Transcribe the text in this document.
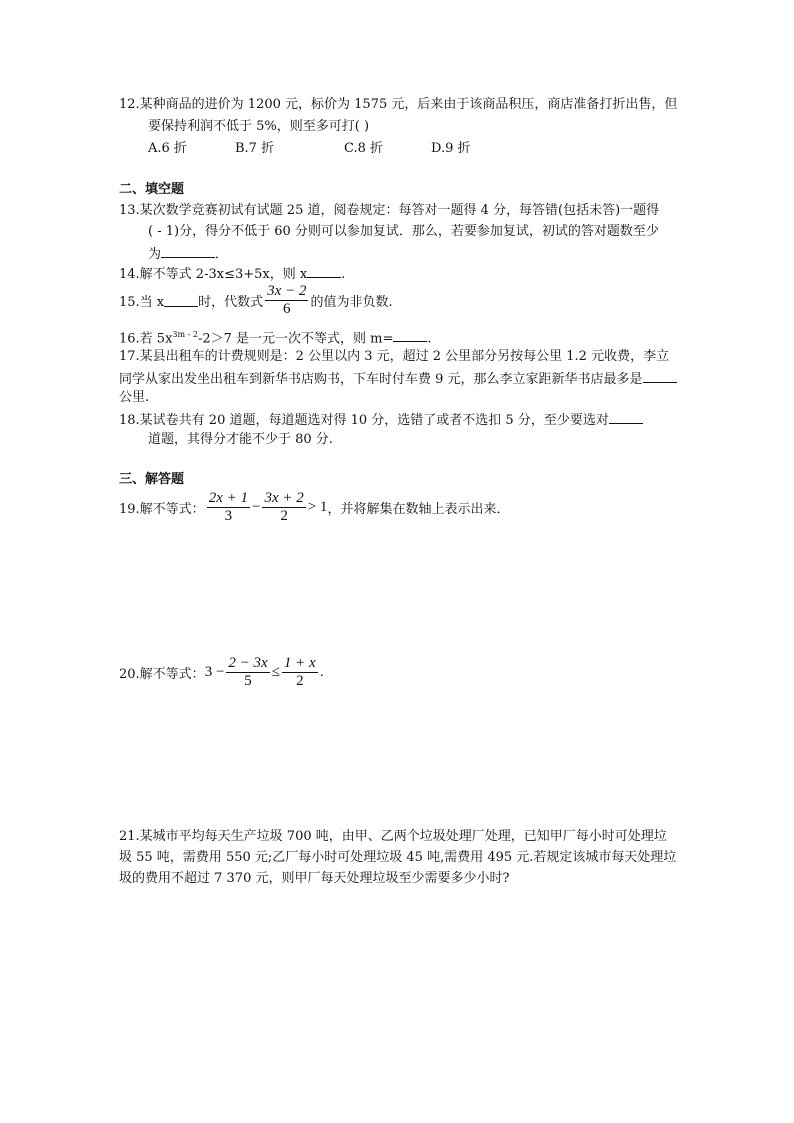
12.某种商品的进价为 1200 元，标价为 1575 元，后来由于该商品积压，商店准备打折出售，但
要保持利润不低于 5%，则至多可打( )
A.6 折	B.7 折	C.8 折	D.9 折
二、填空题
13.某次数学竞赛初试有试题 25 道，阅卷规定：每答对一题得 4 分，每答错(包括未答)一题得
( - 1)分，得分不低于 60 分则可以参加复试．那么，若要参加复试，初试的答对题数至少
为	．
14.解不等式 2-3x≤3+5x，则 x	.
15.当 x	时，代数式 $\frac{3x - 2}{6}$ 的值为非负数.
16.若 $5x^{3m - 2}-2>7$ 是一元一次不等式，则 m=	.
17.某县出租车的计费规则是：2 公里以内 3 元，超过 2 公里部分另按每公里 1.2 元收费，李立
同学从家出发坐出租车到新华书店购书，下车时付车费 9 元，那么李立家距新华书店最多是
公里.
18.某试卷共有 20 道题，每道题选对得 10 分，选错了或者不选扣 5 分，至少要选对
道题，其得分才能不少于 80 分.
三、解答题
19.解不等式： $\frac{2x + 1}{3} - \frac{3x + 2}{2} > 1$ ，并将解集在数轴上表示出来．
20.解不等式： $3 - \frac{2 - 3x}{5} \le \frac{1 + x}{2}$ .
21.某城市平均每天生产垃圾 700 吨，由甲、乙两个垃圾处理厂处理，已知甲厂每小时可处理垃
圾 55 吨，需费用 550 元;乙厂每小时可处理垃圾 45 吨,需费用 495 元.若规定该城市每天处理垃
圾的费用不超过 7 370 元，则甲厂每天处理垃圾至少需要多少小时?
